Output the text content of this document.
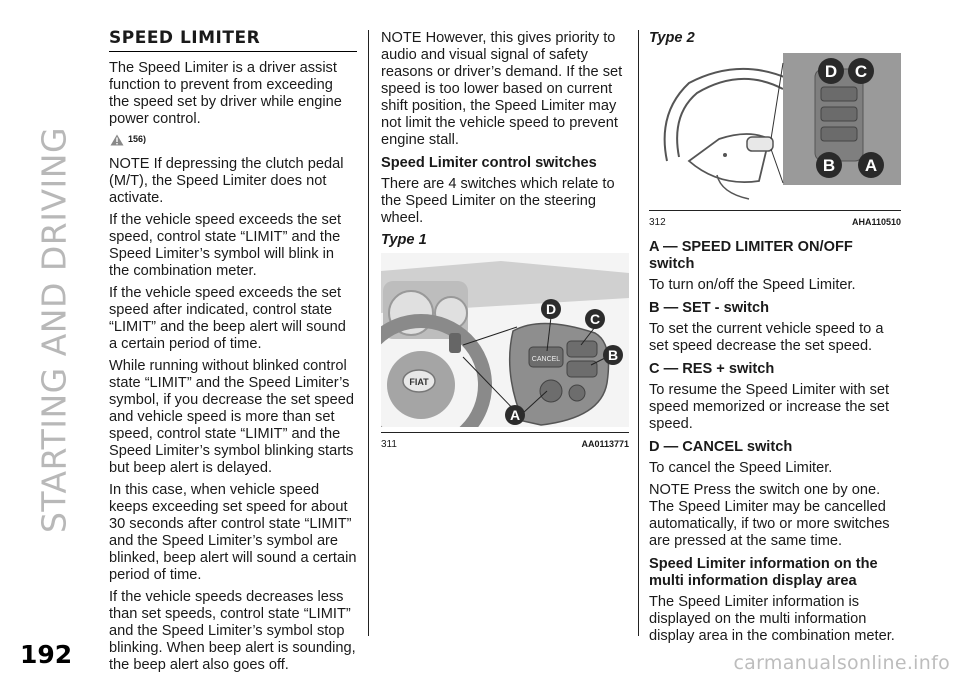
STARTING AND DRIVING
192	carmanualsonline.info
SPEED LIMITER

The Speed Limiter is a driver assist function to prevent from exceeding the speed set by driver while engine power control.

156)

NOTE If depressing the clutch pedal (M/T), the Speed Limiter does not activate.

If the vehicle speed exceeds the set speed, control state “LIMIT” and the Speed Limiter’s symbol will blink in the combination meter.

If the vehicle speed exceeds the set speed after indicated, control state “LIMIT” and the beep alert will sound a certain period of time.

While running without blinked control state “LIMIT” and the Speed Limiter’s symbol, if you decrease the set speed and vehicle speed is more than set speed, control state “LIMIT” and the Speed Limiter’s symbol blinking starts but beep alert is delayed.

In this case, when vehicle speed keeps exceeding set speed for about 30 seconds after control state “LIMIT” and the Speed Limiter’s symbol are blinked, beep alert will sound a certain period of time.

If the vehicle speeds decreases less than set speeds, control state “LIMIT” and the Speed Limiter’s symbol stop blinking. When beep alert is sounding, the beep alert also goes off.

NOTE However, this gives priority to audio and visual signal of safety reasons or driver’s demand. If the set speed is too lower based on current shift position, the Speed Limiter may not limit the vehicle speed to prevent engine stall.

Speed Limiter control switches

There are 4 switches which relate to the Speed Limiter on the steering wheel.

Type 1
FIAT
CANCEL
D
C
B
A
311	AA0113771
Type 2
D C
B A
312	AHA110510
A — SPEED LIMITER ON/OFF switch

To turn on/off the Speed Limiter.

B — SET - switch

To set the current vehicle speed to a set speed decrease the set speed.

C — RES + switch

To resume the Speed Limiter with set speed memorized or increase the set speed.

D — CANCEL switch

To cancel the Speed Limiter.

NOTE Press the switch one by one. The Speed Limiter may be cancelled automatically, if two or more switches are pressed at the same time.

Speed Limiter information on the multi information display area

The Speed Limiter information is displayed on the multi information display area in the combination meter.
